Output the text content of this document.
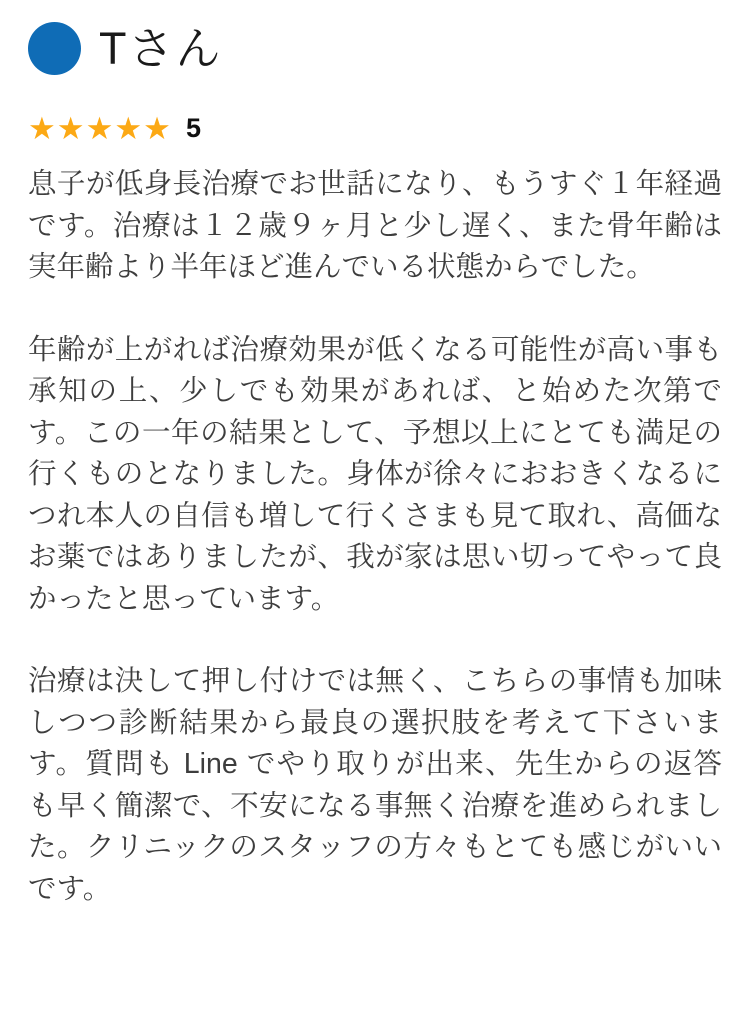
Tさん
★★★★★ 5

息子が低身長治療でお世話になり、もうすぐ１年経過です。治療は１２歳９ヶ月と少し遅く、また骨年齢は実年齢より半年ほど進んでいる状態からでした。

年齢が上がれば治療効果が低くなる可能性が高い事も承知の上、少しでも効果があれば、と始めた次第です。この一年の結果として、予想以上にとても満足の行くものとなりました。身体が徐々におおきくなるにつれ本人の自信も増して行くさまも見て取れ、高価なお薬ではありましたが、我が家は思い切ってやって良かったと思っています。

治療は決して押し付けでは無く、こちらの事情も加味しつつ診断結果から最良の選択肢を考えて下さいます。質問も Line でやり取りが出来、先生からの返答も早く簡潔で、不安になる事無く治療を進められました。クリニックのスタッフの方々もとても感じがいいです。
